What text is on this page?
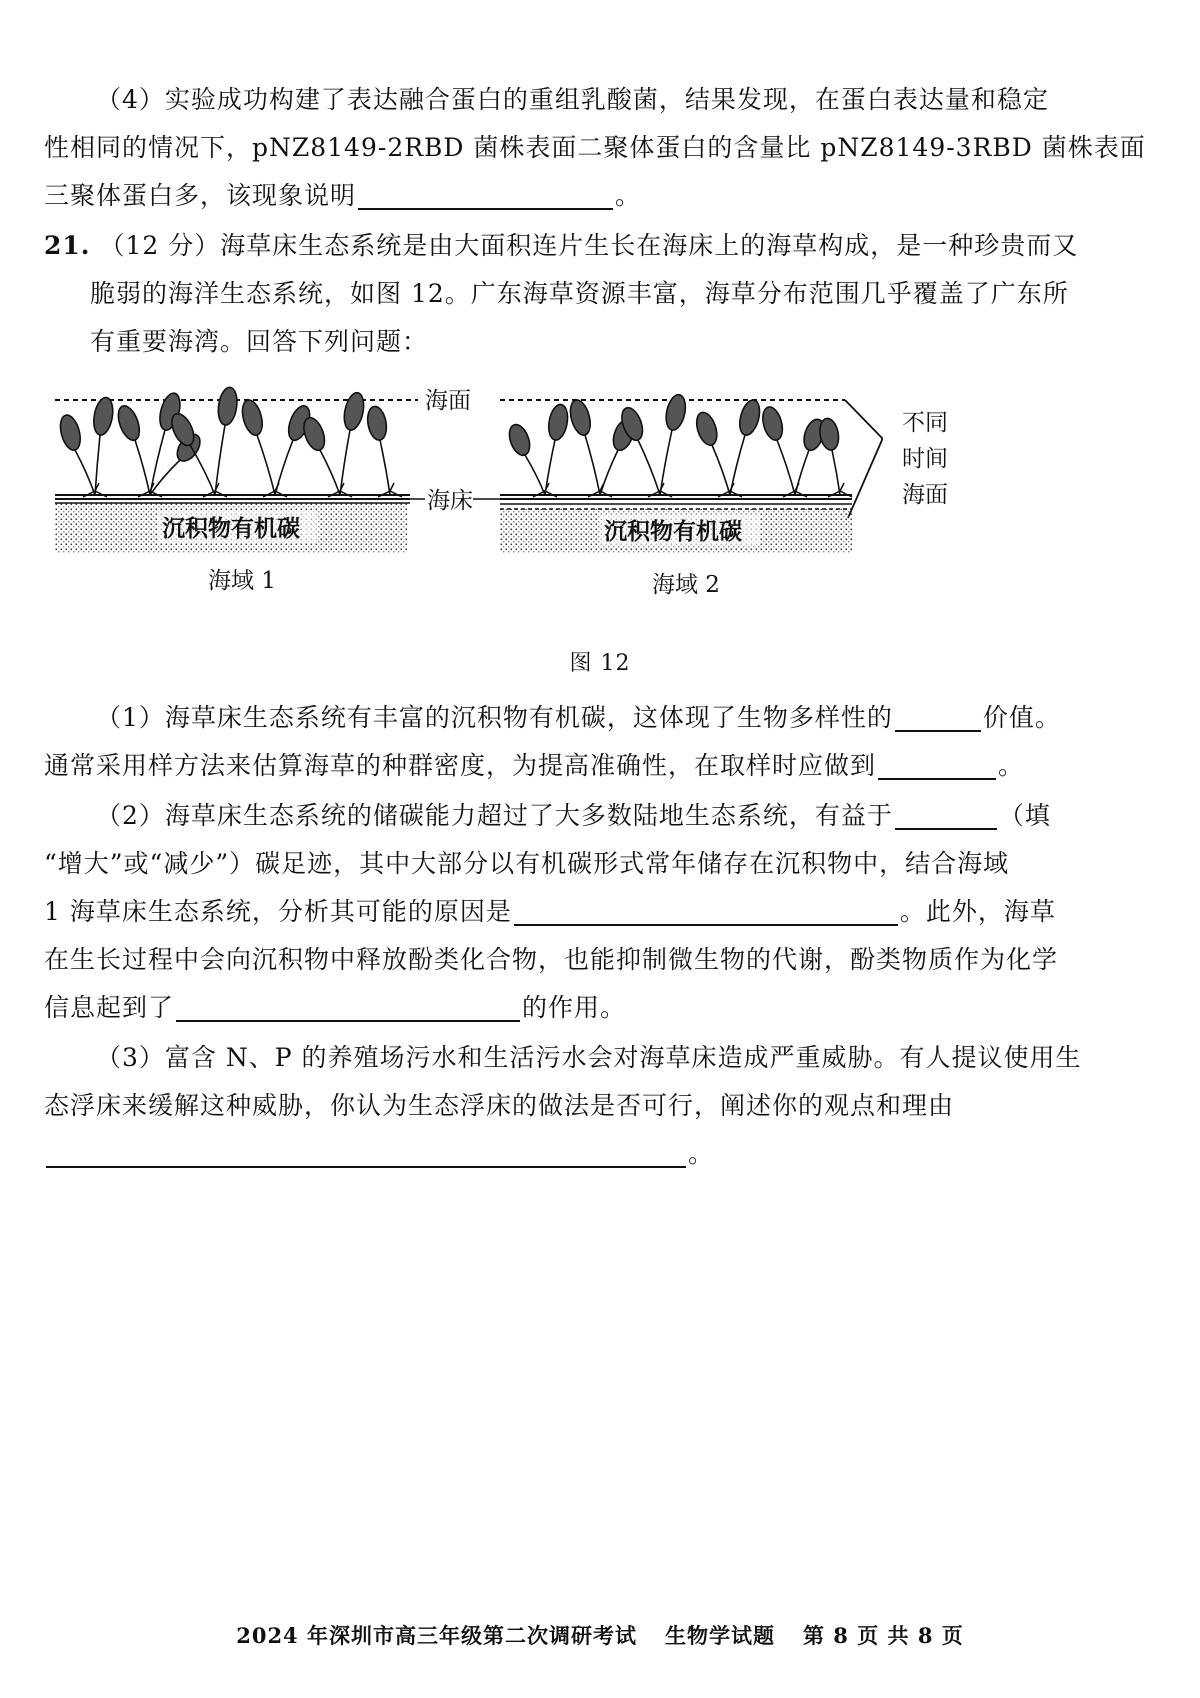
（4）实验成功构建了表达融合蛋白的重组乳酸菌，结果发现，在蛋白表达量和稳定

性相同的情况下，pNZ8149-2RBD 菌株表面二聚体蛋白的含量比 pNZ8149-3RBD 菌株表面

三聚体蛋白多，该现象说明	。

21. （12 分）海草床生态系统是由大面积连片生长在海床上的海草构成，是一种珍贵而又

脆弱的海洋生态系统，如图 12。广东海草资源丰富，海草分布范围几乎覆盖了广东所

有重要海湾。回答下列问题：

海面
不同
时间
海面
沉积物有机碳
海床
沉积物有机碳
海域 1	海域 2

图 12

（1）海草床生态系统有丰富的沉积物有机碳，这体现了生物多样性的	价值。

通常采用样方法来估算海草的种群密度，为提高准确性，在取样时应做到	。

（2）海草床生态系统的储碳能力超过了大多数陆地生态系统，有益于	（填

“增大”或“减少”）碳足迹，其中大部分以有机碳形式常年储存在沉积物中，结合海域

1 海草床生态系统，分析其可能的原因是	。此外，海草

在生长过程中会向沉积物中释放酚类化合物，也能抑制微生物的代谢，酚类物质作为化学

信息起到了	的作用。

（3）富含 N、P 的养殖场污水和生活污水会对海草床造成严重威胁。有人提议使用生

态浮床来缓解这种威胁，你认为生态浮床的做法是否可行，阐述你的观点和理由

。

2024 年深圳市高三年级第二次调研考试 生物学试题 第 8 页 共 8 页
